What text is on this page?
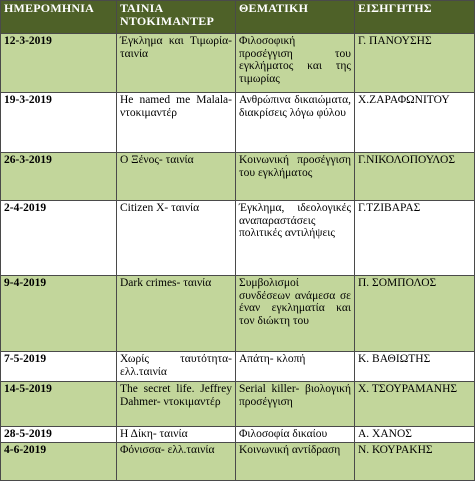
ΗΜΕΡΟΜΗΝΙΑ	ΤΑΙΝΙΑ ΝΤΟΚΙΜΑΝΤΕΡ	ΘΕΜΑΤΙΚΗ	ΕΙΣΗΓΗΤΗΣ
12-3-2019	Έγκλημα και Τιμωρία- ταινία	Φιλοσοφική προσέγγιση του εγκλήματος και της τιμωρίας	Γ. ΠΑΝΟΥΣΗΣ
19-3-2019	He named me Malala- ντοκιμαντέρ	Ανθρώπινα δικαιώματα, διακρίσεις λόγω φύλου	Χ.ΖΑΡΑΦΩΝΙΤΟΥ
26-3-2019	Ο Ξένος- ταινία	Κοινωνική προσέγγιση του εγκλήματος	Γ.ΝΙΚΟΛΟΠΟΥΛΟΣ
2-4-2019	Citizen X- ταινία	Έγκλημα, ιδεολογικές αναπαραστάσεις πολιτικές αντιλήψεις	Γ.ΤΖΙΒΑΡΑΣ
9-4-2019	Dark crimes- ταινία	Συμβολισμοί συνδέσεων ανάμεσα σε έναν εγκληματία και τον διώκτη του	Π. ΣΟΜΠΟΛΟΣ
7-5-2019	Χωρίς ταυτότητα- ελλ.ταινία	Απάτη- κλοπή	Κ. ΒΑΘΙΩΤΗΣ
14-5-2019	The secret life. Jeffrey Dahmer- ντοκιμαντέρ	Serial killer- βιολογική προσέγγιση	Χ. ΤΣΟΥΡΑΜΑΝΗΣ
28-5-2019	Η Δίκη- ταινία	Φιλοσοφία δικαίου	Α. ΧΑΝΟΣ
4-6-2019	Φόνισσα- ελλ.ταινία	Κοινωνική αντίδραση	Ν. ΚΟΥΡΑΚΗΣ
